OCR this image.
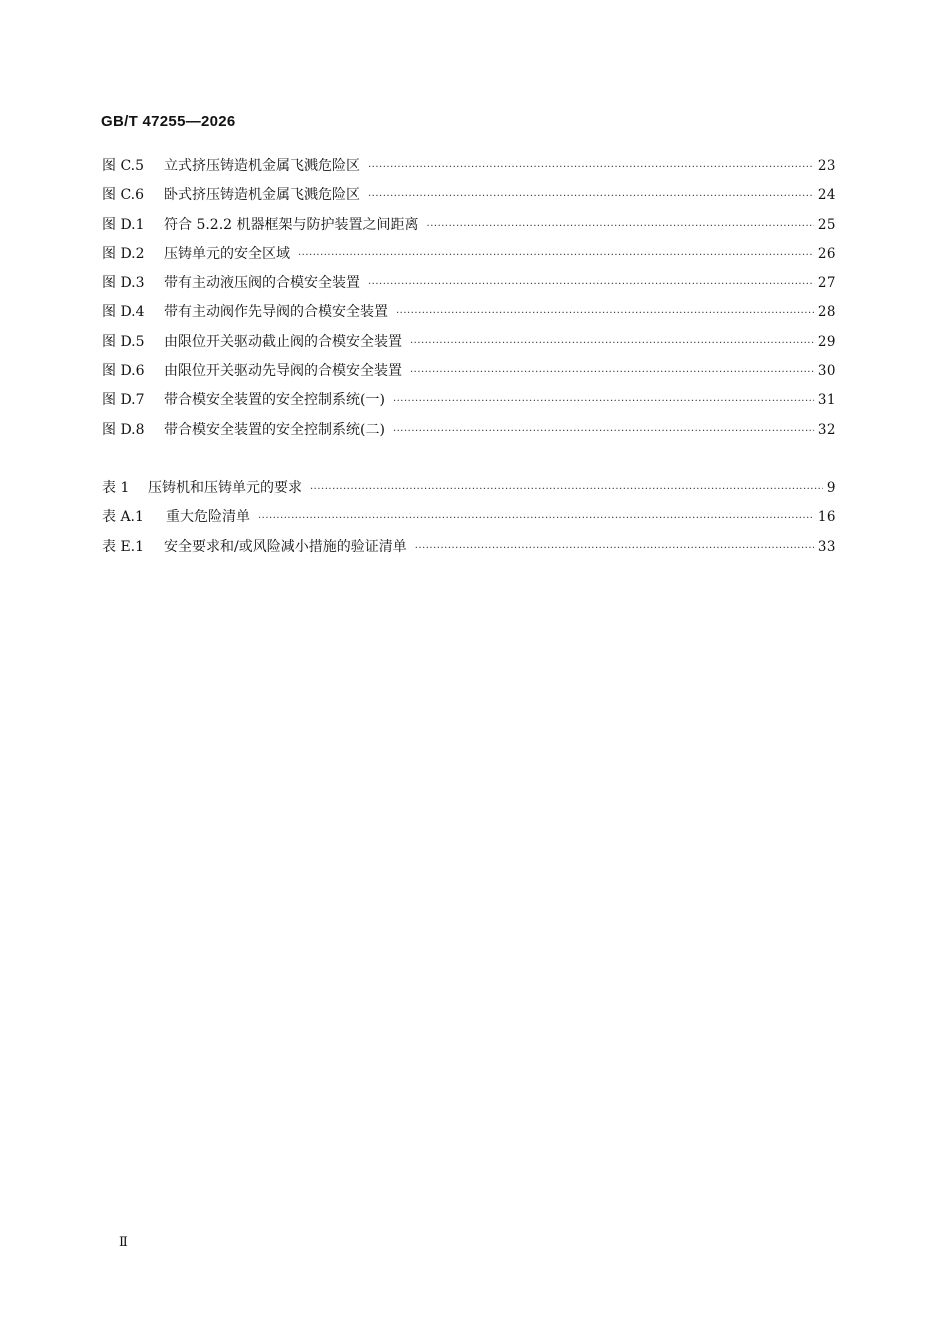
GB/T 47255—2026
图 C.5	立式挤压铸造机金属飞溅危险区 ·····	23
图 C.6	卧式挤压铸造机金属飞溅危险区 ·····	24
图 D.1	符合 5.2.2 机器框架与防护装置之间距离 ·····	25
图 D.2	压铸单元的安全区域 ·····	26
图 D.3	带有主动液压阀的合模安全装置 ·····	27
图 D.4	带有主动阀作先导阀的合模安全装置 ·····	28
图 D.5	由限位开关驱动截止阀的合模安全装置 ·····	29
图 D.6	由限位开关驱动先导阀的合模安全装置 ·····	30
图 D.7	带合模安全装置的安全控制系统(一) ·····	31
图 D.8	带合模安全装置的安全控制系统(二) ·····	32
表 1	压铸机和压铸单元的要求 ·····	9
表 A.1	重大危险清单 ·····	16
表 E.1	安全要求和/或风险减小措施的验证清单 ·····	33
Ⅱ
